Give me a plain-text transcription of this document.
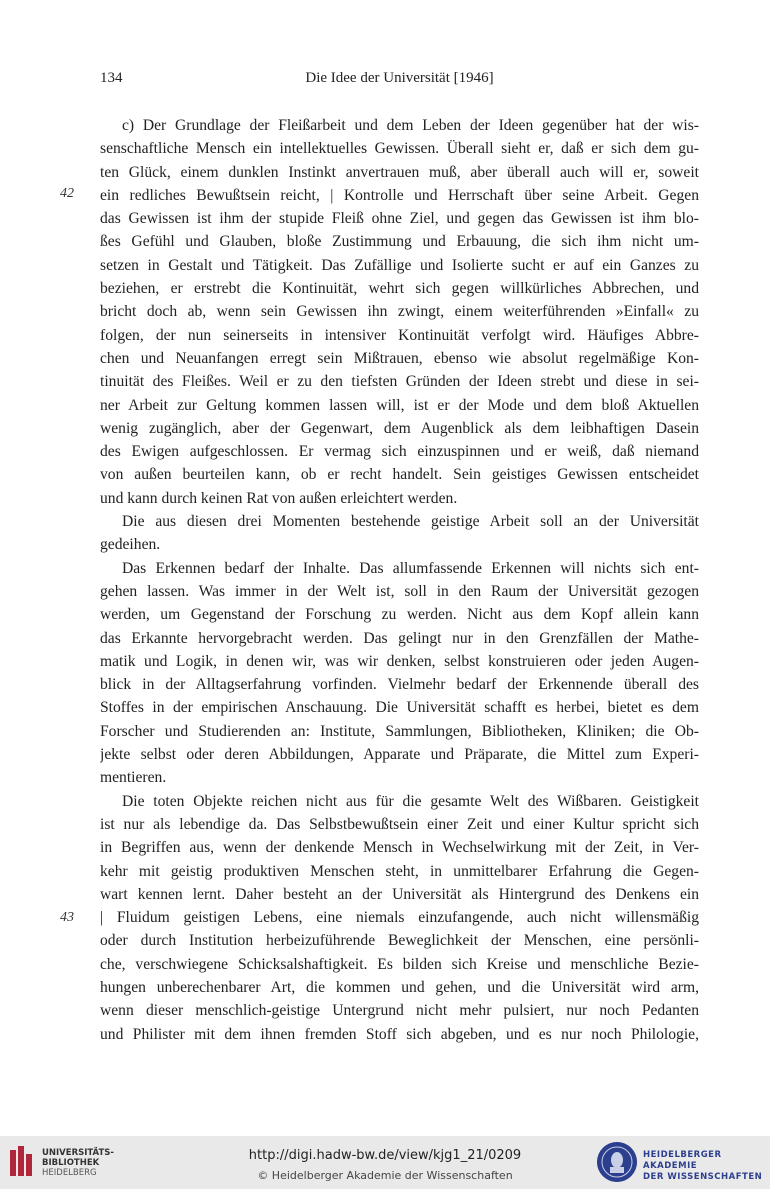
134	Die Idee der Universität [1946]
42
43
c) Der Grundlage der Fleißarbeit und dem Leben der Ideen gegenüber hat der wis-
senschaftliche Mensch ein intellektuelles Gewissen. Überall sieht er, daß er sich dem gu-
ten Glück, einem dunklen Instinkt anvertrauen muß, aber überall auch will er, soweit
ein redliches Bewußtsein reicht, | Kontrolle und Herrschaft über seine Arbeit. Gegen
das Gewissen ist ihm der stupide Fleiß ohne Ziel, und gegen das Gewissen ist ihm blo-
ßes Gefühl und Glauben, bloße Zustimmung und Erbauung, die sich ihm nicht um-
setzen in Gestalt und Tätigkeit. Das Zufällige und Isolierte sucht er auf ein Ganzes zu
beziehen, er erstrebt die Kontinuität, wehrt sich gegen willkürliches Abbrechen, und
bricht doch ab, wenn sein Gewissen ihn zwingt, einem weiterführenden »Einfall« zu
folgen, der nun seinerseits in intensiver Kontinuität verfolgt wird. Häufiges Abbre-
chen und Neuanfangen erregt sein Mißtrauen, ebenso wie absolut regelmäßige Kon-
tinuität des Fleißes. Weil er zu den tiefsten Gründen der Ideen strebt und diese in sei-
ner Arbeit zur Geltung kommen lassen will, ist er der Mode und dem bloß Aktuellen
wenig zugänglich, aber der Gegenwart, dem Augenblick als dem leibhaftigen Dasein
des Ewigen aufgeschlossen. Er vermag sich einzuspinnen und er weiß, daß niemand
von außen beurteilen kann, ob er recht handelt. Sein geistiges Gewissen entscheidet
und kann durch keinen Rat von außen erleichtert werden.
Die aus diesen drei Momenten bestehende geistige Arbeit soll an der Universität
gedeihen.
Das Erkennen bedarf der Inhalte. Das allumfassende Erkennen will nichts sich ent-
gehen lassen. Was immer in der Welt ist, soll in den Raum der Universität gezogen
werden, um Gegenstand der Forschung zu werden. Nicht aus dem Kopf allein kann
das Erkannte hervorgebracht werden. Das gelingt nur in den Grenzfällen der Mathe-
matik und Logik, in denen wir, was wir denken, selbst konstruieren oder jeden Augen-
blick in der Alltagserfahrung vorfinden. Vielmehr bedarf der Erkennende überall des
Stoffes in der empirischen Anschauung. Die Universität schafft es herbei, bietet es dem
Forscher und Studierenden an: Institute, Sammlungen, Bibliotheken, Kliniken; die Ob-
jekte selbst oder deren Abbildungen, Apparate und Präparate, die Mittel zum Experi-
mentieren.
Die toten Objekte reichen nicht aus für die gesamte Welt des Wißbaren. Geistigkeit
ist nur als lebendige da. Das Selbstbewußtsein einer Zeit und einer Kultur spricht sich
in Begriffen aus, wenn der denkende Mensch in Wechselwirkung mit der Zeit, in Ver-
kehr mit geistig produktiven Menschen steht, in unmittelbarer Erfahrung die Gegen-
wart kennen lernt. Daher besteht an der Universität als Hintergrund des Denkens ein
| Fluidum geistigen Lebens, eine niemals einzufangende, auch nicht willensmäßig
oder durch Institution herbeizuführende Beweglichkeit der Menschen, eine persönli-
che, verschwiegene Schicksalshaftigkeit. Es bilden sich Kreise und menschliche Bezie-
hungen unberechenbarer Art, die kommen und gehen, und die Universität wird arm,
wenn dieser menschlich-geistige Untergrund nicht mehr pulsiert, nur noch Pedanten
und Philister mit dem ihnen fremden Stoff sich abgeben, und es nur noch Philologie,
UNIVERSITÄTS-
BIBLIOTHEK
HEIDELBERG
http://digi.hadw-bw.de/view/kjg1_21/0209
© Heidelberger Akademie der Wissenschaften
HEIDELBERGER AKADEMIE
DER WISSENSCHAFTEN
